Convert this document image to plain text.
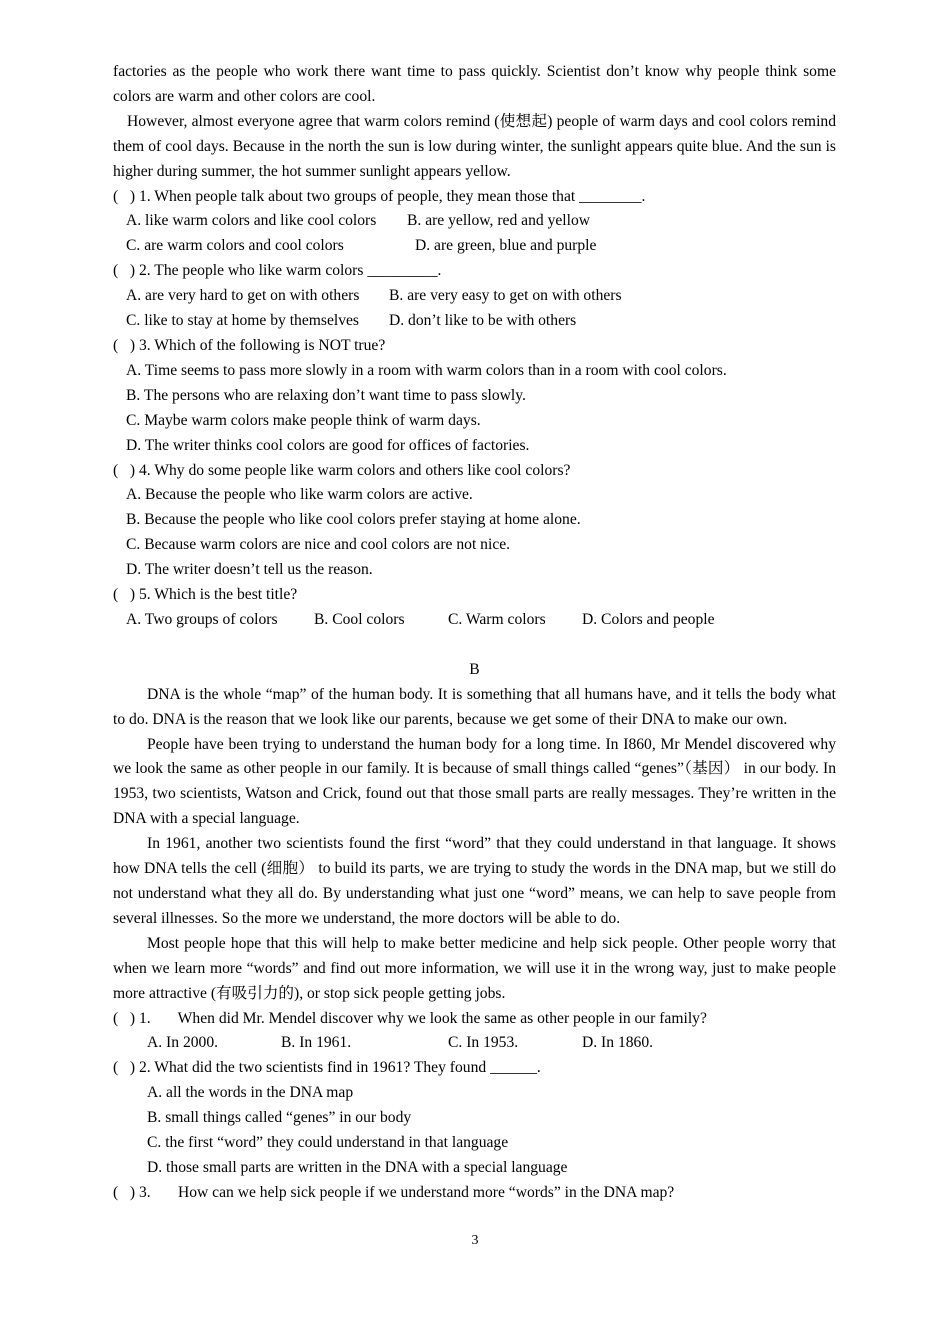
factories as the people who work there want time to pass quickly. Scientist don’t know why people think some colors are warm and other colors are cool.

However, almost everyone agree that warm colors remind (使想起) people of warm days and cool colors remind them of cool days. Because in the north the sun is low during winter, the sunlight appears quite blue. And the sun is higher during summer, the hot summer sunlight appears yellow.

(   ) 1. When people talk about two groups of people, they mean those that ________.

A. like warm colors and like cool colors	B. are yellow, red and yellow
C. are warm colors and cool colors	D. are green, blue and purple

(   ) 2. The people who like warm colors _________.

A. are very hard to get on with others	B. are very easy to get on with others
C. like to stay at home by themselves	D. don’t like to be with others

(   ) 3. Which of the following is NOT true?

A. Time seems to pass more slowly in a room with warm colors than in a room with cool colors.

B. The persons who are relaxing don’t want time to pass slowly.

C. Maybe warm colors make people think of warm days.

D. The writer thinks cool colors are good for offices of factories.

(   ) 4. Why do some people like warm colors and others like cool colors?

A. Because the people who like warm colors are active.

B. Because the people who like cool colors prefer staying at home alone.

C. Because warm colors are nice and cool colors are not nice.

D. The writer doesn’t tell us the reason.

(   ) 5. Which is the best title?

A. Two groups of colors	B. Cool colors	C. Warm colors	D. Colors and people

B

DNA is the whole “map” of the human body. It is something that all humans have, and it tells the body what to do. DNA is the reason that we look like our parents, because we get some of their DNA to make our own.

People have been trying to understand the human body for a long time. In I860, Mr Mendel discovered why we look the same as other people in our family. It is because of small things called “genes”（基因） in our body. In 1953, two scientists, Watson and Crick, found out that those small parts are really messages. They’re written in the DNA with a special language.

In 1961, another two scientists found the first “word” that they could understand in that language. It shows how DNA tells the cell (细胞） to build its parts, we are trying to study the words in the DNA map, but we still do not understand what they all do. By understanding what just one “word” means, we can help to save people from several illnesses. So the more we understand, the more doctors will be able to do.

Most people hope that this will help to make better medicine and help sick people. Other people worry that when we learn more “words” and find out more information, we will use it in the wrong way, just to make people more attractive (有吸引力的), or stop sick people getting jobs.

(   ) 1.       When did Mr. Mendel discover why we look the same as other people in our family?

A. In 2000.	B. In 1961.	C. In 1953.	D. In 1860.

(   ) 2. What did the two scientists find in 1961? They found ______.

A. all the words in the DNA map

B. small things called “genes” in our body

C. the first “word” they could understand in that language

D. those small parts are written in the DNA with a special language

(   ) 3.       How can we help sick people if we understand more “words” in the DNA map?

3
